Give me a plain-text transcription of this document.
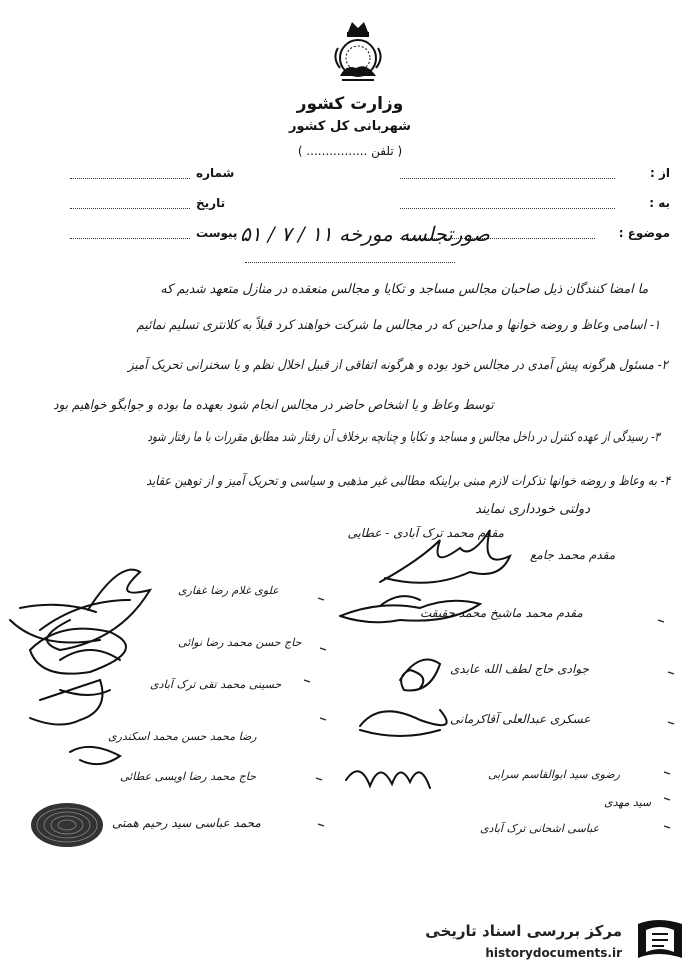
وزارت کشور
شهربانی کل کشور
( تلفن ................ )
از :
به :
موضوع :
شماره
تاریخ
پیوست صورتجلسه مورخه ۱۱ / ۷ / ۵۱
ما امضا کنندگان ذیل صاحبان مجالس مساجد و تکایا و مجالس منعقده در منازل متعهد شدیم که
۱- اسامی وعاظ و روضه خوانها و مداحین که در مجالس ما شرکت خواهند کرد قبلاً به کلانتری تسلیم نمائیم
۲- مسئول هرگونه پیش آمدی در مجالس خود بوده و هرگونه اتفاقی از قبیل اخلال نظم و یا سخنرانی تحریک آمیز
توسط وعاظ و یا اشخاص حاضر در مجالس انجام شود بعهده ما بوده و جوابگو خواهیم بود
۳- رسیدگی از عهده کنترل در داخل مجالس و مساجد و تکایا و چنانچه برخلاف آن رفتار شد مطابق مقررات با ما رفتار شود
۴- به وعاظ و روضه خوانها تذکرات لازم مبنی براینکه مطالبی غیر مذهبی و سیاسی و تحریک آمیز و از توهین عقاید
دولتی خودداری نمایند
مقدم محمد ترک آبادی - عطایی
مقدم محمد جامع
مقدم محمد ماشیخ محمد حقیقت
جوادی حاج لطف الله عابدی
عسکری عبدالعلی آقاکرمانی
رضوی سید ابوالقاسم سرابی
سید مهدی
عباسی اشحانی ترک آبادی
علوی غلام رضا غفاری
حاج حسن محمد رضا نوائی
حسینی محمد تقی ترک آبادی
رضا محمد حسن محمد اسکندری
حاج محمد رضا اویسی عطائی
محمد عباسی سید رحیم همتی
مرکز بررسی اسناد تاریخی
historydocuments.ir
